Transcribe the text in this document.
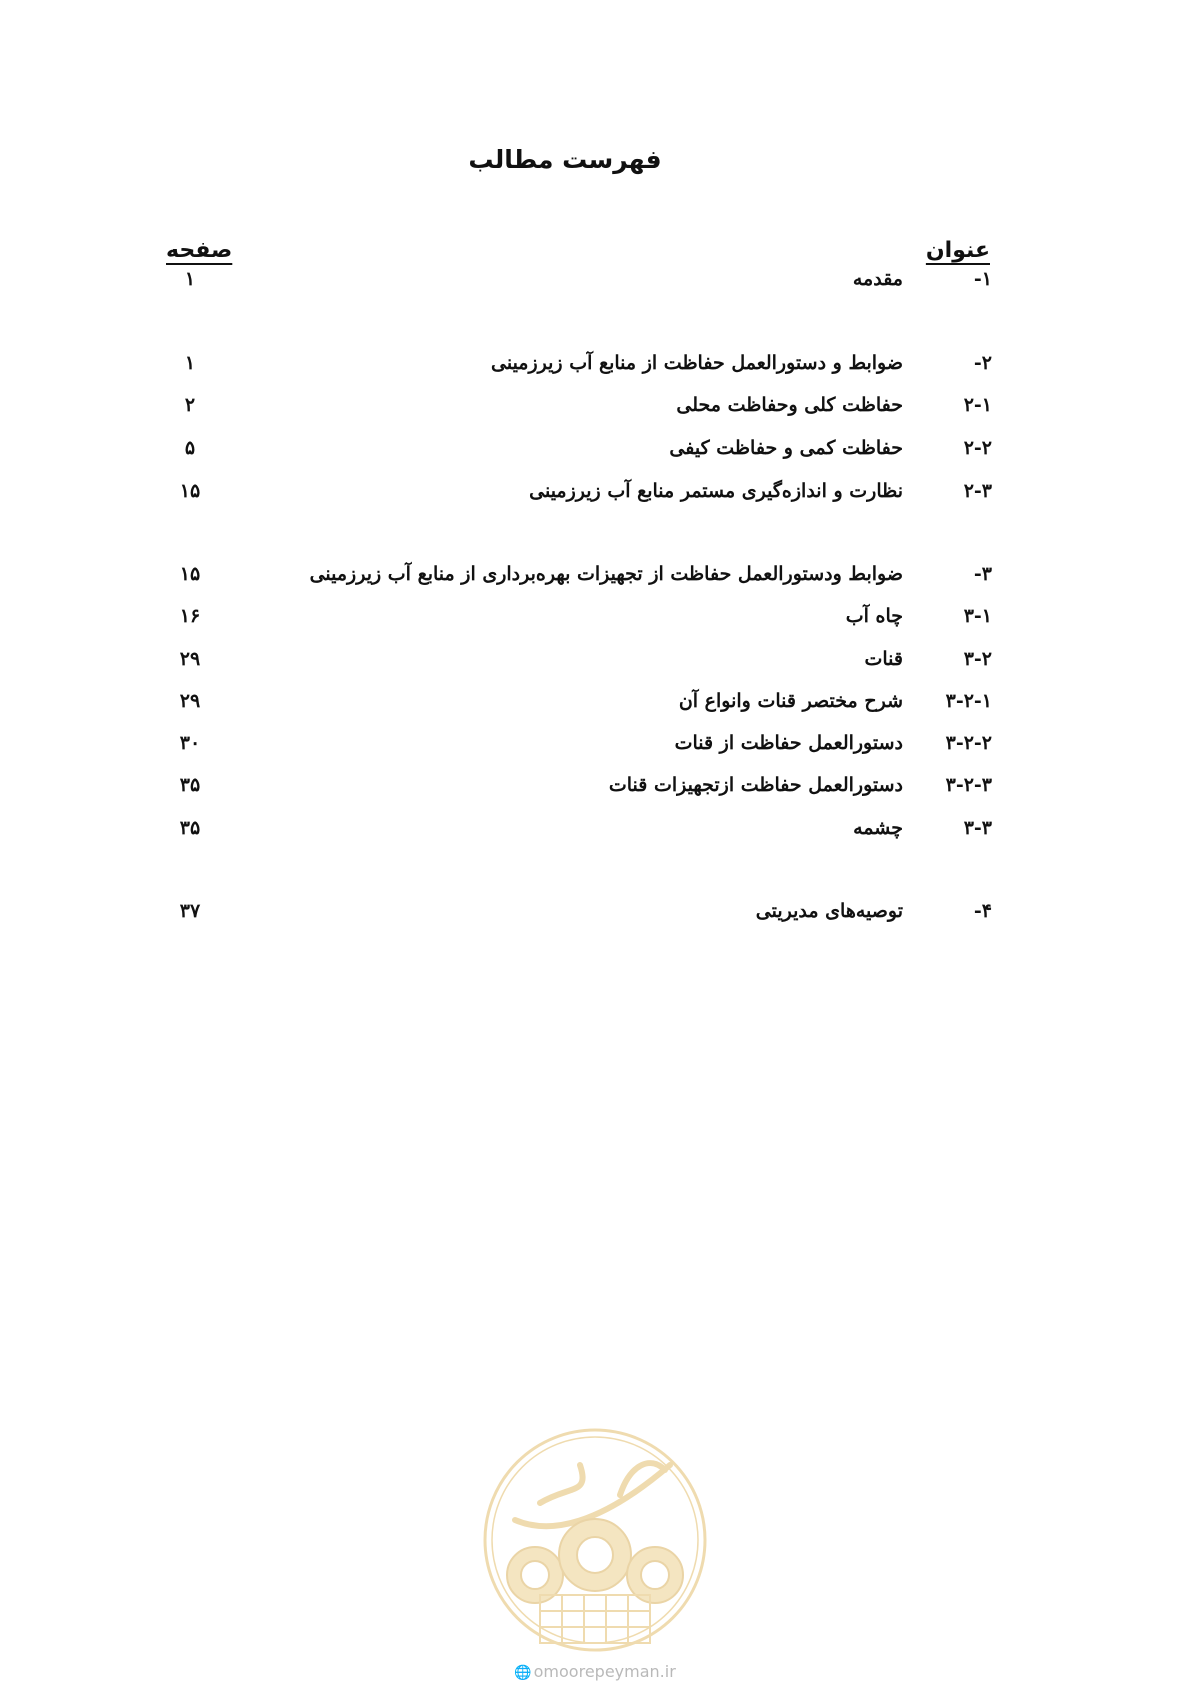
فهرست مطالب
عنوان
صفحه
۱-
مقدمه
۱
۲-
ضوابط و دستورالعمل حفاظت از منابع آب زیرزمینی
۱
۲-۱
حفاظت کلی وحفاظت محلی
۲
۲-۲
حفاظت کمی و حفاظت کیفی
۵
۲-۳
نظارت و اندازه‌گیری مستمر منابع آب زیرزمینی
۱۵
۳-
ضوابط ودستورالعمل حفاظت از تجهیزات بهره‌برداری از منابع آب زیرزمینی
۱۵
۳-۱
چاه آب
۱۶
۳-۲
قنات
۲۹
۳-۲-۱
شرح مختصر قنات وانواع آن
۲۹
۳-۲-۲
دستورالعمل حفاظت از قنات
۳۰
۳-۲-۳
دستورالعمل حفاظت ازتجهیزات قنات
۳۵
۳-۳
چشمه
۳۵
۴-
توصیه‌های مدیریتی
۳۷
🌐 omoorepeyman.ir
